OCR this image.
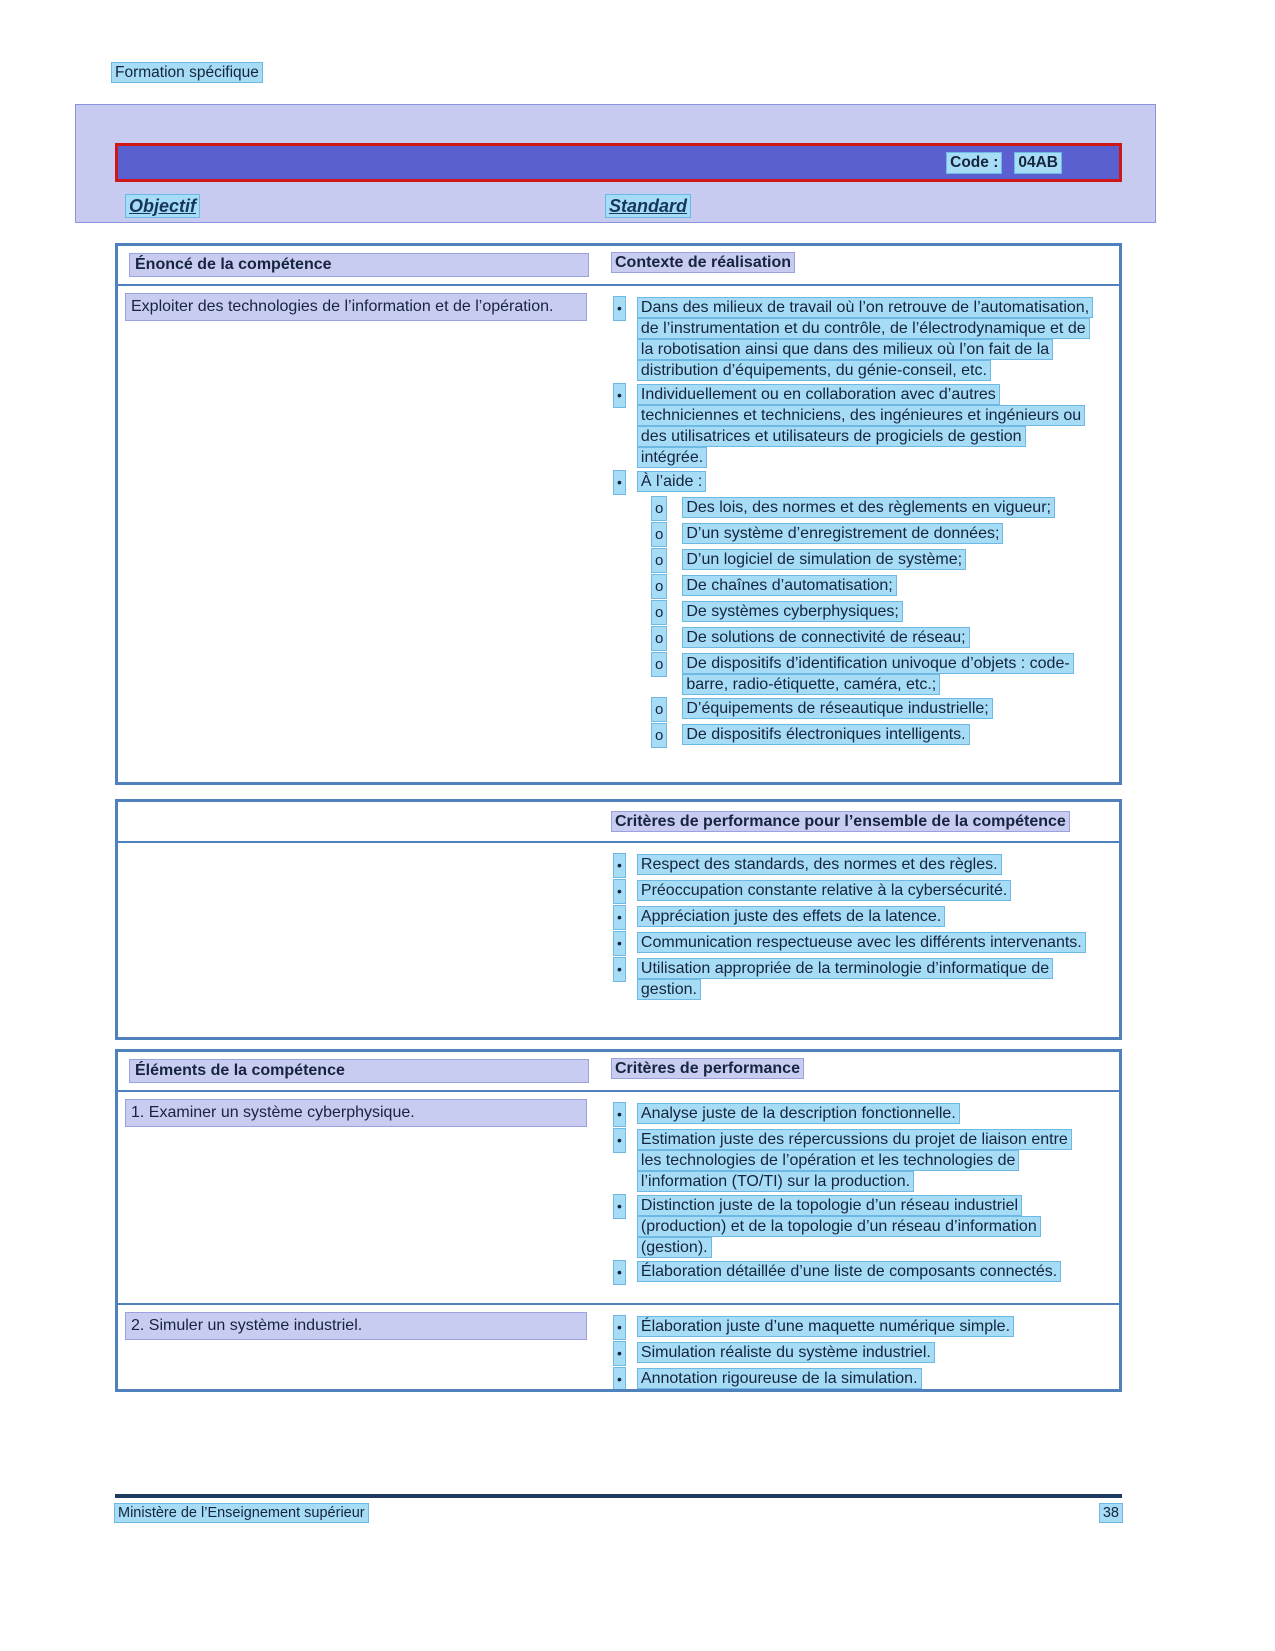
Formation spécifique
Code : 04AB
Objectif	Standard
Énoncé de la compétence	Contexte de réalisation
Exploiter des technologies de l’information et de l’opération.	• Dans des milieux de travail où l’on retrouve de l’automatisation, de l’instrumentation et du contrôle, de l’électrodynamique et de la robotisation ainsi que dans des milieux où l’on fait de la distribution d’équipements, du génie-conseil, etc.
• Individuellement ou en collaboration avec d’autres techniciennes et techniciens, des ingénieures et ingénieurs ou des utilisatrices et utilisateurs de progiciels de gestion intégrée.
• À l’aide :
o Des lois, des normes et des règlements en vigueur;
o D’un système d’enregistrement de données;
o D’un logiciel de simulation de système;
o De chaînes d’automatisation;
o De systèmes cyberphysiques;
o De solutions de connectivité de réseau;
o De dispositifs d’identification univoque d’objets : code-barre, radio-étiquette, caméra, etc.;
o D’équipements de réseautique industrielle;
o De dispositifs électroniques intelligents.
Critères de performance pour l’ensemble de la compétence
• Respect des standards, des normes et des règles.
• Préoccupation constante relative à la cybersécurité.
• Appréciation juste des effets de la latence.
• Communication respectueuse avec les différents intervenants.
• Utilisation appropriée de la terminologie d’informatique de gestion.
Éléments de la compétence	Critères de performance
1. Examiner un système cyberphysique.	• Analyse juste de la description fonctionnelle.
• Estimation juste des répercussions du projet de liaison entre les technologies de l’opération et les technologies de l’information (TO/TI) sur la production.
• Distinction juste de la topologie d’un réseau industriel (production) et de la topologie d’un réseau d’information (gestion).
• Élaboration détaillée d’une liste de composants connectés.
2. Simuler un système industriel.	• Élaboration juste d’une maquette numérique simple.
• Simulation réaliste du système industriel.
• Annotation rigoureuse de la simulation.
Ministère de l’Enseignement supérieur	38
